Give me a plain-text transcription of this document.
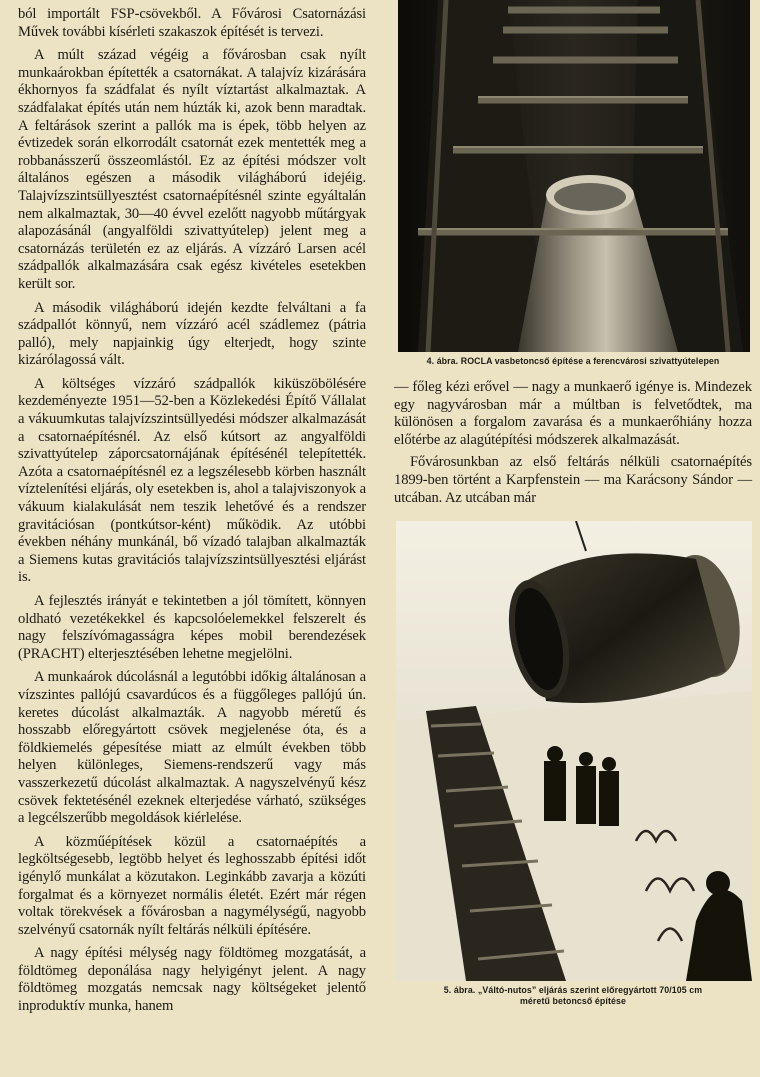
ból importált FSP-csövekből. A Fővárosi Csatornázási Művek további kísérleti szakaszok építését is tervezi.

A múlt század végéig a fővárosban csak nyílt munkaárokban építették a csatornákat. A talajvíz kizárására ékhornyos fa szádfalat és nyílt víztartást alkalmaztak. A szádfalakat építés után nem húzták ki, azok benn maradtak. A feltárások szerint a pallók ma is épek, több helyen az évtizedek során elkorrodált csatornát ezek mentették meg a robbanásszerű összeomlástól. Ez az építési módszer volt általános egészen a második világháború idejéig. Talajvízszintsüllyesztést csatornaépítésnél szinte egyáltalán nem alkalmaztak, 30—40 évvel ezelőtt nagyobb műtárgyak alapozásánál (angyalföldi szivattyútelep) jelent meg a csatornázás területén ez az eljárás. A vízzáró Larsen acél szádpallók alkalmazására csak egész kivételes esetekben került sor.

A második világháború idején kezdte felváltani a fa szádpallót könnyű, nem vízzáró acél szádlemez (pátria palló), mely napjainkig úgy elterjedt, hogy szinte kizárólagossá vált.

A költséges vízzáró szádpallók kiküszöbölésére kezdeményezte 1951—52-ben a Közlekedési Építő Vállalat a vákuumkutas talajvízszintsüllyedési módszer alkalmazását a csatornaépítésnél. Az első kútsort az angyalföldi szivattyútelep záporcsatornájának építésénél telepítették. Azóta a csatornaépítésnél ez a legszélesebb körben használt víztelenítési eljárás, oly esetekben is, ahol a talajviszonyok a vákuum kialakulását nem teszik lehetővé és a rendszer gravitációsan (pontkútsor-ként) működik. Az utóbbi években néhány munkánál, bő vízadó talajban alkalmazták a Siemens kutas gravitációs talajvízszintsüllyesztési eljárást is.

A fejlesztés irányát e tekintetben a jól tömített, könnyen oldható vezetékekkel és kapcsolóelemekkel felszerelt és nagy felszívómagasságra képes mobil berendezések (PRACHT) elterjesztésében lehetne megjelölni.

A munkaárok dúcolásnál a legutóbbi időkig általánosan a vízszintes pallójú csavardúcos és a függőleges pallójú ún. keretes dúcolást alkalmazták. A nagyobb méretű és hosszabb előregyártott csövek megjelenése óta, és a földkiemelés gépesítése miatt az elmúlt években több helyen különleges, Siemens-rendszerű vagy más vasszerkezetű dúcolást alkalmaztak. A nagyszelvényű kész csövek fektetésénél ezeknek elterjedése várható, szükséges a legcélszerűbb megoldások kiérlelése.

A közműépítések közül a csatornaépítés a legköltségesebb, legtöbb helyet és leghosszabb építési időt igénylő munkálat a közutakon. Leginkább zavarja a közúti forgalmat és a környezet normális életét. Ezért már régen voltak törekvések a fővárosban a nagymélységű, nagyobb szelvényű csatornák nyílt feltárás nélküli építésére.

A nagy építési mélység nagy földtömeg mozgatását, a földtömeg deponálása nagy helyigényt jelent. A nagy földtömeg mozgatás nemcsak nagy költségeket jelentő inproduktív munka, hanem

4. ábra. ROCLA vasbetoncső építése a ferencvárosi szivattyútelepen

— főleg kézi erővel — nagy a munkaerő igénye is. Mindezek egy nagyvárosban már a múltban is felvetődtek, ma különösen a forgalom zavarása és a munkaerőhiány hozza előtérbe az alagútépítési módszerek alkalmazását.

Fővárosunkban az első feltárás nélküli csatornaépítés 1899-ben történt a Karpfenstein — ma Karácsony Sándor — utcában. Az utcában már

5. ábra. „Váltó-nutos” eljárás szerint előregyártott 70/105 cm
méretű betoncső építése
